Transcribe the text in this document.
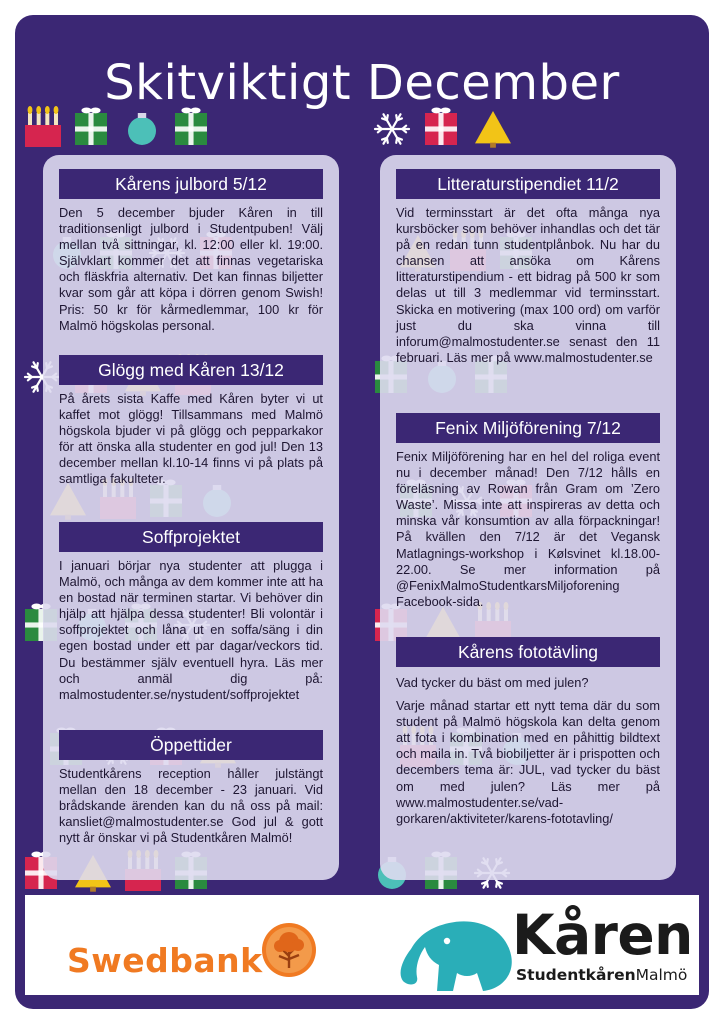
Skitviktigt December
Kårens julbord 5/12
Den 5 december bjuder Kåren in till traditionsenligt julbord i Studentpuben! Välj mellan två sittningar, kl. 12:00 eller kl. 19:00. Självklart kommer det att finnas vegetariska och fläskfria alternativ. Det kan finnas biljetter kvar som går att köpa i dörren genom Swish! Pris: 50 kr för kårmedlemmar, 100 kr för Malmö högskolas personal.
Glögg med Kåren 13/12
På årets sista Kaffe med Kåren byter vi ut kaffet mot glögg! Tillsammans med Malmö högskola bjuder vi på glögg och pepparkakor för att önska alla studenter en god jul! Den 13 december mellan kl.10-14 finns vi på plats på samtliga fakulteter.
Soffprojektet
I januari börjar nya studenter att plugga i Malmö, och många av dem kommer inte att ha en bostad när terminen startar. Vi behöver din hjälp att hjälpa dessa studenter! Bli volontär i soffprojektet och låna ut en soffa/säng i din egen bostad under ett par dagar/veckors tid. Du bestämmer själv eventuell hyra. Läs mer och anmäl dig på: malmostudenter.se/nystudent/soffprojektet
Öppettider
Studentkårens reception håller julstängt mellan den 18 december - 23 januari. Vid brådskande ärenden kan du nå oss på mail: kansliet@malmostudenter.se God jul & gott nytt år önskar vi på Studentkåren Malmö!
Litteraturstipendiet 11/2
Vid terminsstart är det ofta många nya kursböcker som behöver inhandlas och det tär på en redan tunn studentplånbok. Nu har du chansen att ansöka om Kårens litteraturstipendium - ett bidrag på 500 kr som delas ut till 3 medlemmar vid terminsstart. Skicka en motivering (max 100 ord) om varför just du ska vinna till inforum@malmostudenter.se senast den 11 februari. Läs mer på www.malmostudenter.se
Fenix Miljöförening 7/12
Fenix Miljöförening har en hel del roliga event nu i december månad! Den 7/12 hålls en föreläsning av Rowan från Gram om ’Zero Waste’. Missa inte att inspireras av detta och minska vår konsumtion av alla förpackningar! På kvällen den 7/12 är det Vegansk Matlagnings-workshop i Kølsvinet kl.18.00-22.00. Se mer information på @FenixMalmoStudentkarsMiljoforening Facebook-sida.
Kårens fototävling
Vad tycker du bäst om med julen?
Varje månad startar ett nytt tema där du som student på Malmö högskola kan delta genom att fota i kombination med en påhittig bildtext och maila in. Två biobiljetter är i prispotten och decembers tema är: JUL, vad tycker du bäst om med julen? Läs mer på www.malmostudenter.se/vad-gorkaren/aktiviteter/karens-fototavling/
Swedbank	Kåren
StudentkårenMalmö
